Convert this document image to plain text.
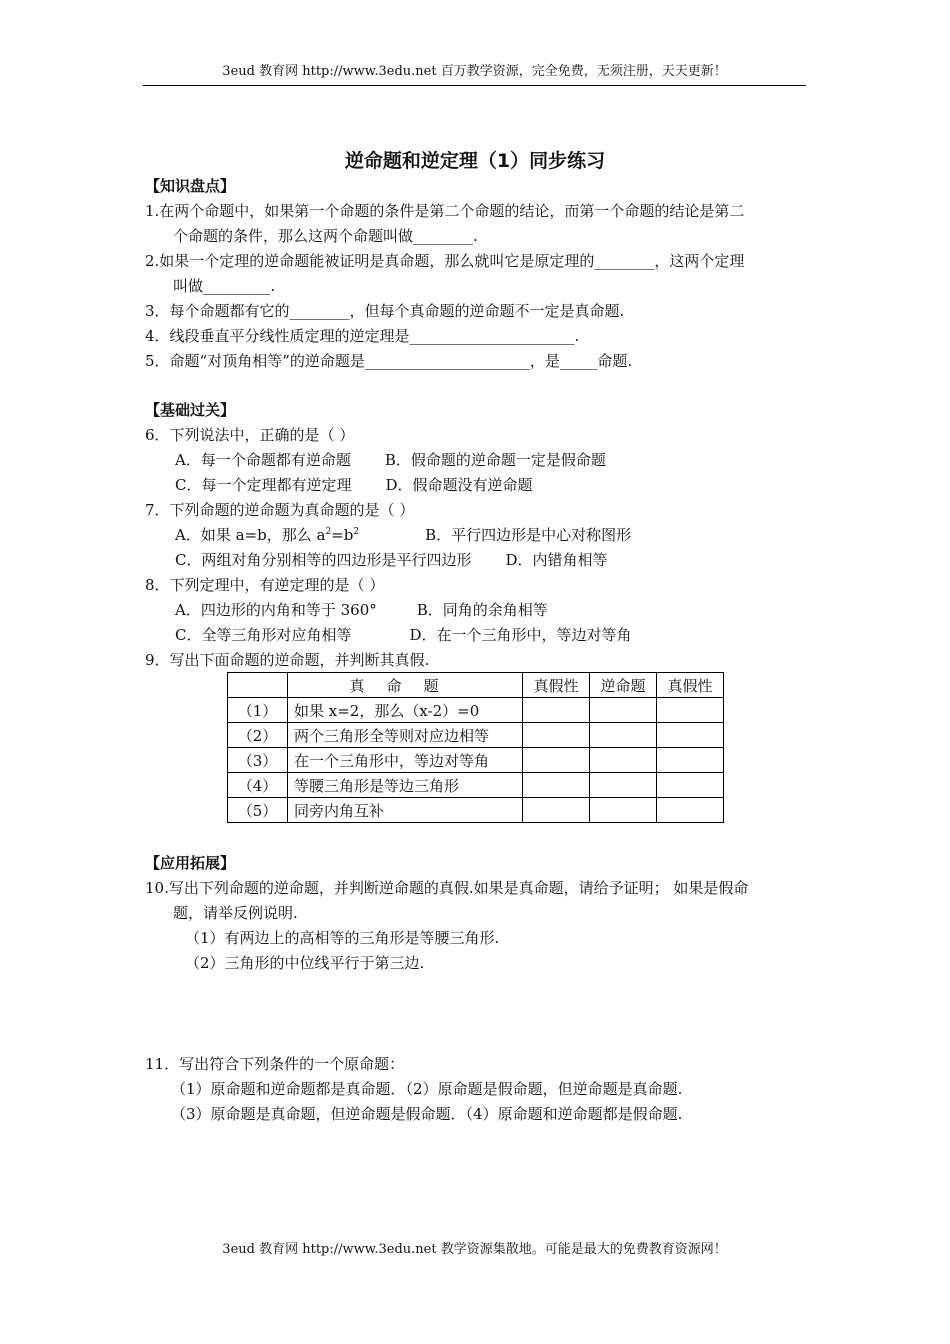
3eud 教育网 http://www.3edu.net 百万教学资源，完全免费，无须注册，天天更新！
逆命题和逆定理（1）同步练习
【知识盘点】
1.在两个命题中，如果第一个命题的条件是第二个命题的结论，而第一个命题的结论是第二
个命题的条件，那么这两个命题叫做________.
2.如果一个定理的逆命题能被证明是真命题，那么就叫它是原定理的________，这两个定理
叫做_________.
3．每个命题都有它的________，但每个真命题的逆命题不一定是真命题.
4．线段垂直平分线性质定理的逆定理是______________________.
5．命题“对顶角相等”的逆命题是______________________，是_____命题.
【基础过关】
6．下列说法中，正确的是（ ）
A．每一个命题都有逆命题 B．假命题的逆命题一定是假命题
C．每一个定理都有逆定理 D．假命题没有逆命题
7．下列命题的逆命题为真命题的是（ ）
A．如果 a=b，那么 $a^2=b^2$	B．平行四边形是中心对称图形
C．两组对角分别相等的四边形是平行四边形 D．内错角相等
8．下列定理中，有逆定理的是（ ）
A．四边形的内角和等于 360°	B．同角的余角相等
C．全等三角形对应角相等	D．在一个三角形中，等边对等角
9．写出下面命题的逆命题，并判断其真假.
	真命题	真假性	逆命题	真假性
（1）	如果 x=2，那么（x-2）=0			
（2）	两个三角形全等则对应边相等			
（3）	在一个三角形中，等边对等角			
（4）	等腰三角形是等边三角形			
（5）	同旁内角互补			
【应用拓展】
10.写出下列命题的逆命题，并判断逆命题的真假.如果是真命题，请给予证明； 如果是假命
题，请举反例说明.
（1）有两边上的高相等的三角形是等腰三角形.
（2）三角形的中位线平行于第三边.
11．写出符合下列条件的一个原命题：
（1）原命题和逆命题都是真命题．（2）原命题是假命题，但逆命题是真命题.
（3）原命题是真命题，但逆命题是假命题．（4）原命题和逆命题都是假命题.
3eud 教育网 http://www.3edu.net 教学资源集散地。可能是最大的免费教育资源网！
